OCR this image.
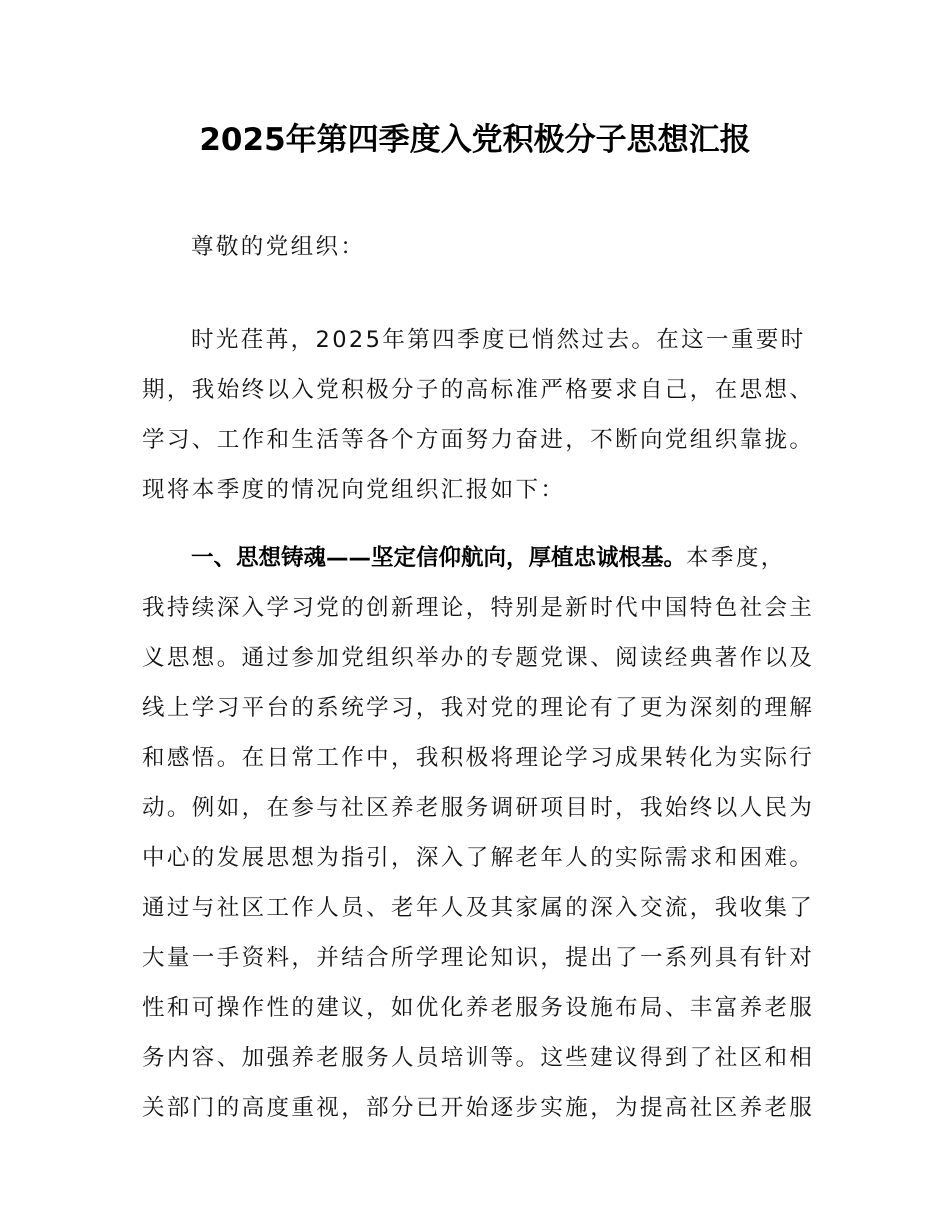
2025年第四季度入党积极分子思想汇报
尊敬的党组织：
时光荏苒，2025年第四季度已悄然过去。在这一重要时
期，我始终以入党积极分子的高标准严格要求自己，在思想、
学习、工作和生活等各个方面努力奋进，不断向党组织靠拢。
现将本季度的情况向党组织汇报如下：
一、思想铸魂——坚定信仰航向，厚植忠诚根基。本季度，
我持续深入学习党的创新理论，特别是新时代中国特色社会主
义思想。通过参加党组织举办的专题党课、阅读经典著作以及
线上学习平台的系统学习，我对党的理论有了更为深刻的理解
和感悟。在日常工作中，我积极将理论学习成果转化为实际行
动。例如，在参与社区养老服务调研项目时，我始终以人民为
中心的发展思想为指引，深入了解老年人的实际需求和困难。
通过与社区工作人员、老年人及其家属的深入交流，我收集了
大量一手资料，并结合所学理论知识，提出了一系列具有针对
性和可操作性的建议，如优化养老服务设施布局、丰富养老服
务内容、加强养老服务人员培训等。这些建议得到了社区和相
关部门的高度重视，部分已开始逐步实施，为提高社区养老服
